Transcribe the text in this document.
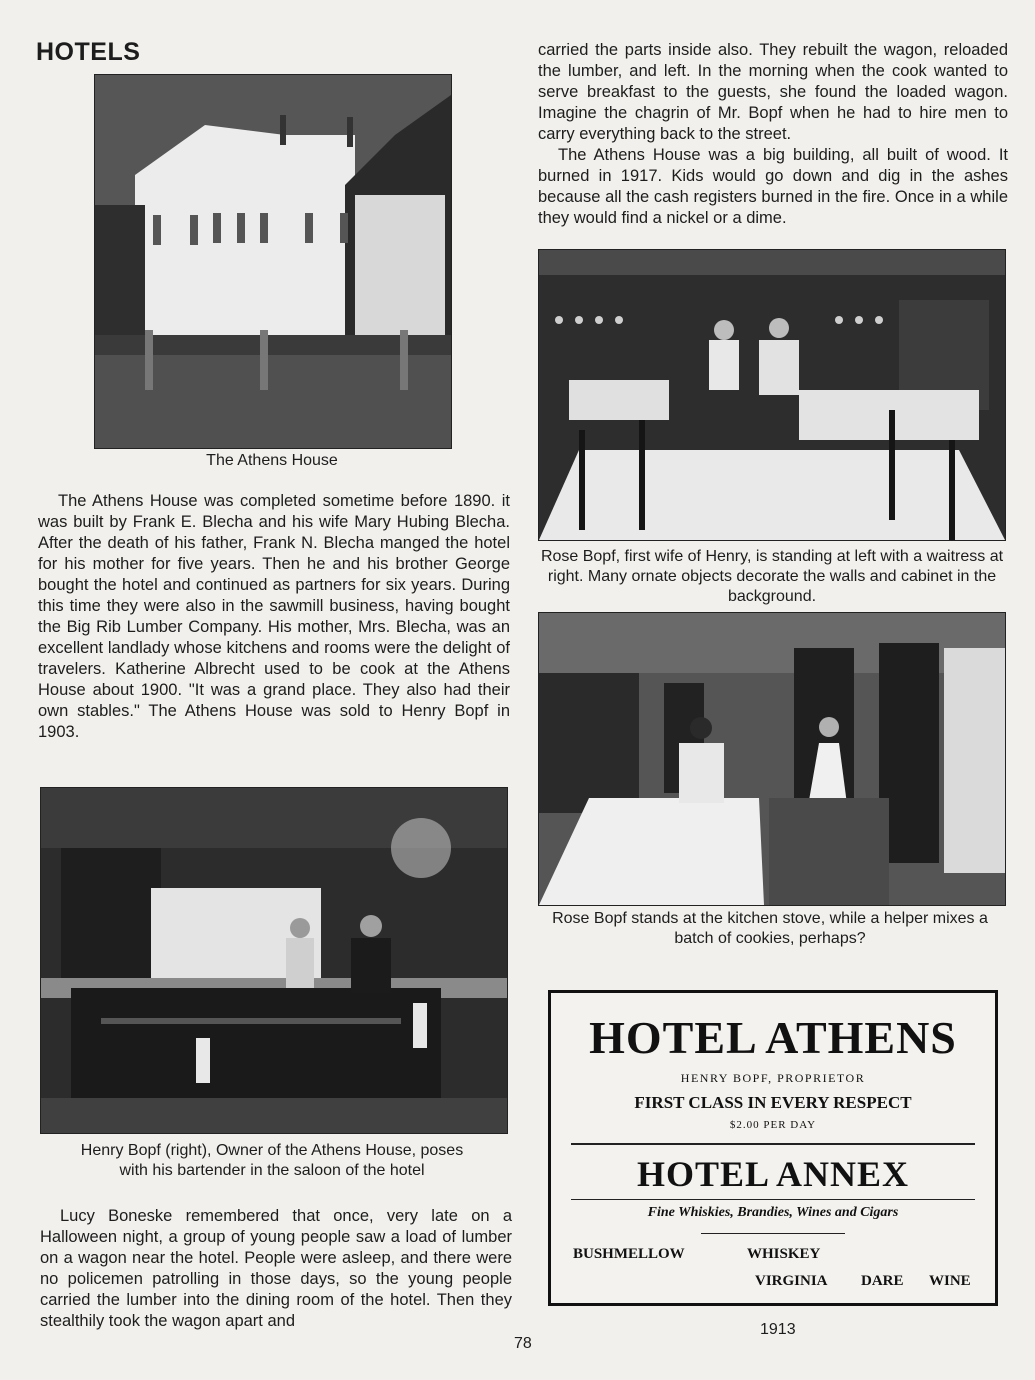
HOTELS
The Athens House

The Athens House was completed sometime before 1890. it was built by Frank E. Blecha and his wife Mary Hubing Blecha. After the death of his father, Frank N. Blecha manged the hotel for his mother for five years. Then he and his brother George bought the hotel and continued as partners for six years. During this time they were also in the sawmill business, having bought the Big Rib Lumber Company. His mother, Mrs. Blecha, was an excellent landlady whose kitchens and rooms were the delight of travelers. Katherine Albrecht used to be cook at the Athens House about 1900. "It was a grand place. They also had their own stables." The Athens House was sold to Henry Bopf in 1903.

Henry Bopf (right), Owner of the Athens House, poses with his bartender in the saloon of the hotel

Lucy Boneske remembered that once, very late on a Halloween night, a group of young people saw a load of lumber on a wagon near the hotel. People were asleep, and there were no policemen patrolling in those days, so the young people carried the lumber into the dining room of the hotel. Then they stealthily took the wagon apart and

carried the parts inside also. They rebuilt the wagon, reloaded the lumber, and left. In the morning when the cook wanted to serve breakfast to the guests, she found the loaded wagon. Imagine the chagrin of Mr. Bopf when he had to hire men to carry everything back to the street.

The Athens House was a big building, all built of wood. It burned in 1917. Kids would go down and dig in the ashes because all the cash registers burned in the fire. Once in a while they would find a nickel or a dime.

Rose Bopf, first wife of Henry, is standing at left with a waitress at right. Many ornate objects decorate the walls and cabinet in the background.
Rose Bopf stands at the kitchen stove, while a helper mixes a batch of cookies, perhaps?
HOTEL ATHENS
HENRY BOPF, PROPRIETOR
FIRST CLASS IN EVERY RESPECT
$2.00 PER DAY
HOTEL ANNEX
Fine Whiskies, Brandies, Wines and Cigars
BUSHMELLOW	WHISKEY
VIRGINIA DARE WINE
1913
78
